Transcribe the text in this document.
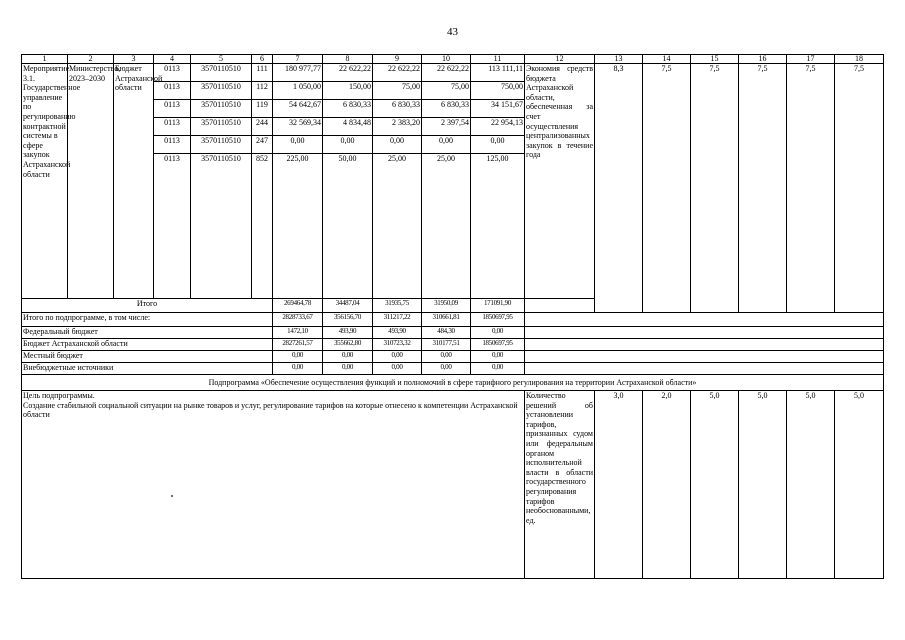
43
1	2	3	4	5	6	7	8	9	10	11	12	13	14	15	16	17	18
Мероприятие 3.1. Государственное управление по регулированию контрактной системы в сфере закупок Астраханской области	Министерство, 2023–2030	Бюджет Астраханской области	0113	3570110510	111	180 977,77	22 622,22	22 622,22	22 622,22	113 111,11	Экономия средств бюджета Астраханской области, обеспеченная за счет осуществления централизованных закупок в течение года	8,3	7,5	7,5	7,5	7,5	7,5
			0113	3570110510	112	1 050,00	150,00	75,00	75,00	750,00							
			0113	3570110510	119	54 642,67	6 830,33	6 830,33	6 830,33	34 151,67							
			0113	3570110510	244	32 569,34	4 834,48	2 383,20	2 397,54	22 954,13							
			0113	3570110510	247	0,00	0,00	0,00	0,00	0,00							
			0113	3570110510	852	225,00	50,00	25,00	25,00	125,00							
Итого						269464,78	34487,04	31935,75	31950,09	171091,90							
Итого по подпрограмме, в том числе:						2828733,67	356156,70	311217,22	310661,81	1850697,95							
Федеральный бюджет						1472,10	493,90	493,90	484,30	0,00							
Бюджет Астраханской области						2827261,57	355662,80	310723,32	310177,51	1850697,95							
Местный бюджет						0,00	0,00	0,00	0,00	0,00							
Внебюджетные источники						0,00	0,00	0,00	0,00	0,00							
Подпрограмма «Обеспечение осуществления функций и полномочий в сфере тарифного регулирования на территории Астраханской области»																	

Цель подпрограммы.
Создание стабильной социальной ситуации на рынке товаров и услуг, регулирование тарифов на которые отнесено к компетенции Астраханской области											Количество решений об установлении тарифов, признанных судом или федеральным органом исполнительной власти в области государственного регулирования тарифов необоснованными, ед.	3,0	2,0	5,0	5,0	5,0	5,0
